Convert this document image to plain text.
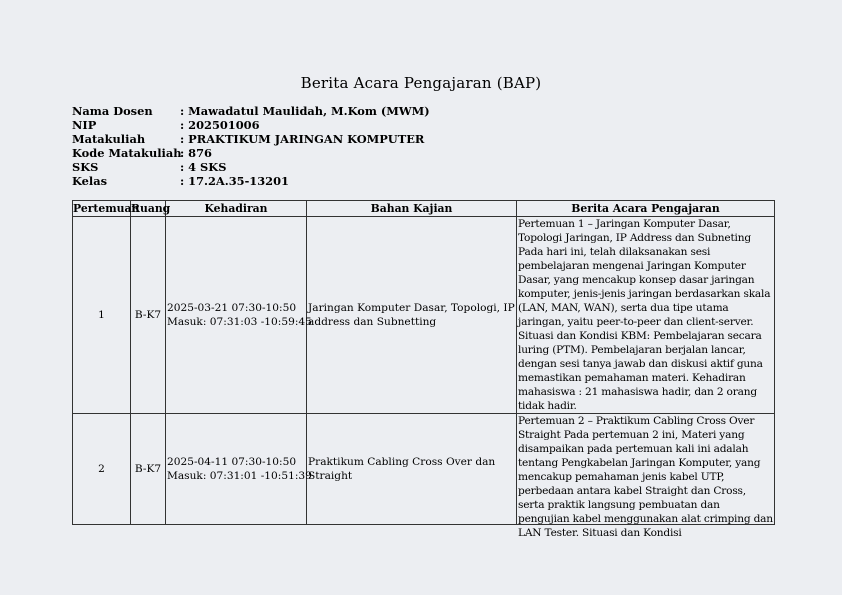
Berita Acara Pengajaran (BAP)
Nama Dosen	: Mawadatul Maulidah, M.Kom (MWM)
NIP	: 202501006
Matakuliah	: PRAKTIKUM JARINGAN KOMPUTER
Kode Matakuliah
: 876
SKS	: 4 SKS
Kelas	: 17.2A.35-13201
Pertemuan	Ruang	Kehadiran	Bahan Kajian	Berita Acara Pengajaran
1	B-K7	2025-03-21 07:30-10:50
Masuk: 07:31:03 -10:59:45	Jaringan Komputer Dasar, Topologi, IP address dan Subnetting	Pertemuan 1 – Jaringan Komputer Dasar, Topologi Jaringan, IP Address dan Subneting Pada hari ini, telah dilaksanakan sesi pembelajaran mengenai Jaringan Komputer Dasar, yang mencakup konsep dasar jaringan komputer, jenis-jenis jaringan berdasarkan skala (LAN, MAN, WAN), serta dua tipe utama jaringan, yaitu peer-to-peer dan client-server. Situasi dan Kondisi KBM: Pembelajaran secara luring (PTM). Pembelajaran berjalan lancar, dengan sesi tanya jawab dan diskusi aktif guna memastikan pemahaman materi. Kehadiran mahasiswa : 21 mahasiswa hadir, dan 2 orang tidak hadir.
2	B-K7	2025-04-11 07:30-10:50
Masuk: 07:31:01 -10:51:39	Praktikum Cabling Cross Over dan Straight	Pertemuan 2 – Praktikum Cabling Cross Over Straight Pada pertemuan 2 ini, Materi yang disampaikan pada pertemuan kali ini adalah tentang Pengkabelan Jaringan Komputer, yang mencakup pemahaman jenis kabel UTP, perbedaan antara kabel Straight dan Cross, serta praktik langsung pembuatan dan pengujian kabel menggunakan alat crimping dan LAN Tester. Situasi dan Kondisi
